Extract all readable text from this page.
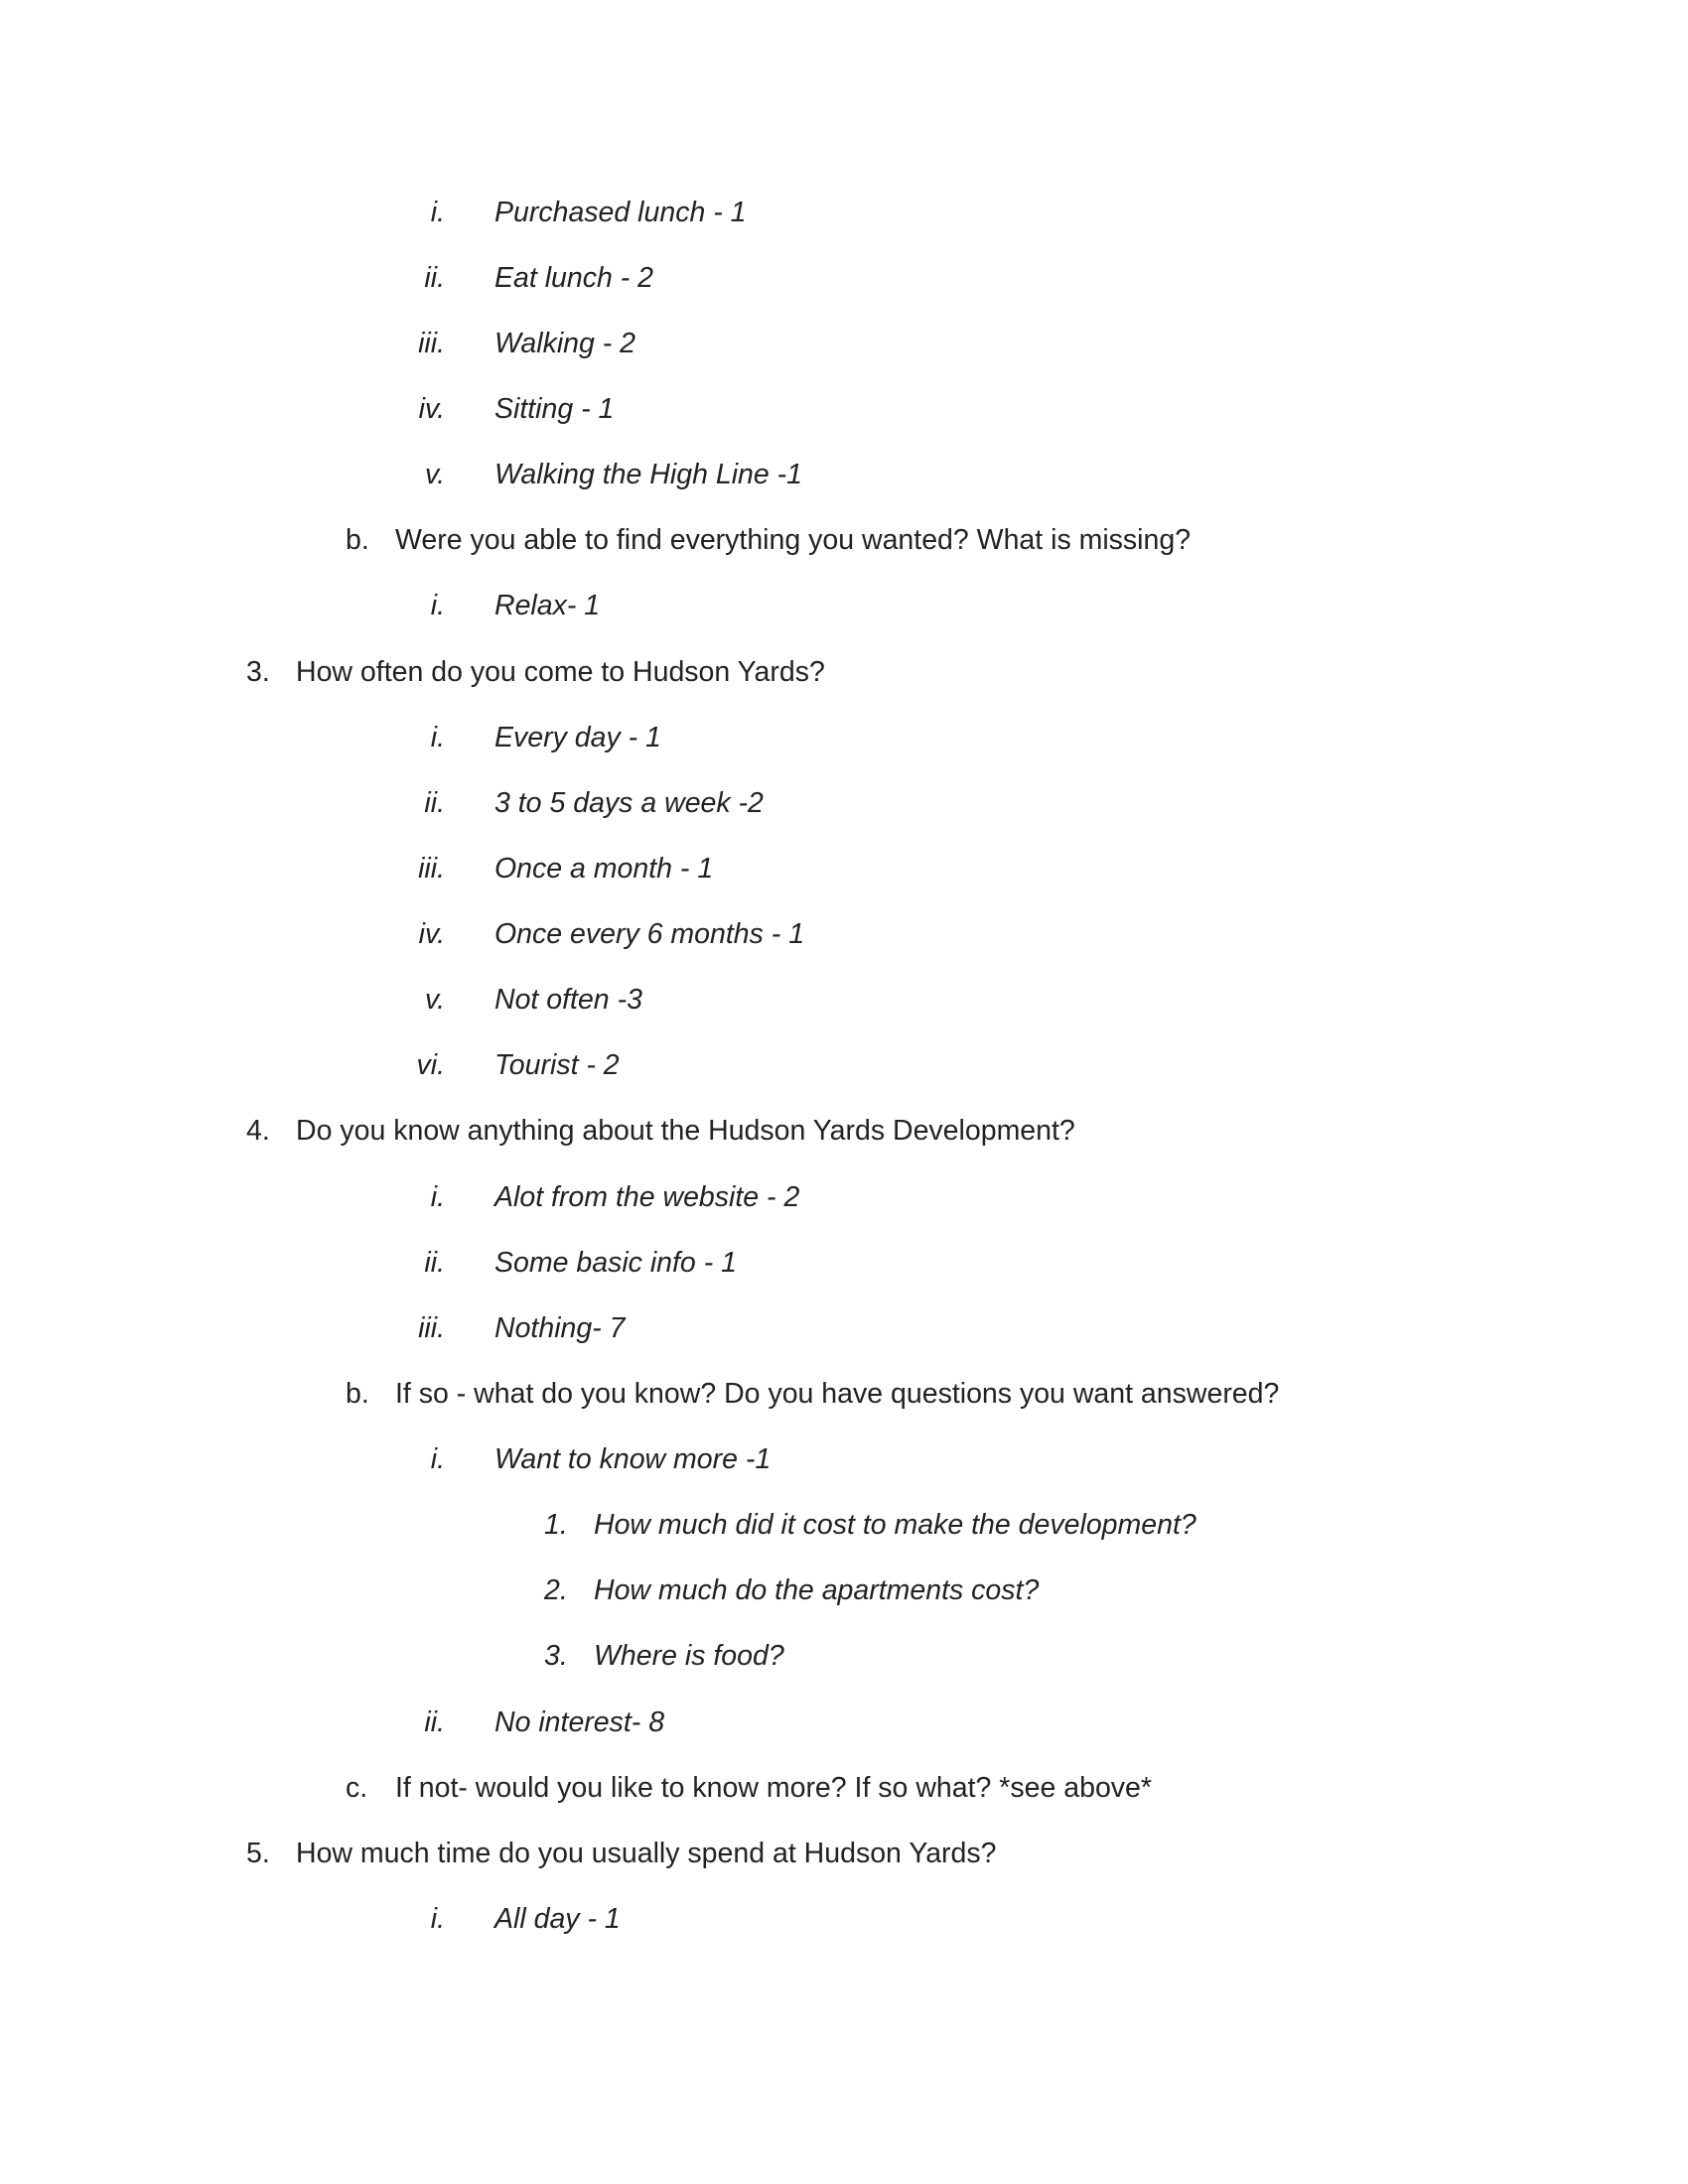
i. Purchased lunch - 1
ii. Eat lunch - 2
iii. Walking - 2
iv. Sitting - 1
v. Walking the High Line -1
b. Were you able to find everything you wanted? What is missing?
i. Relax- 1
3. How often do you come to Hudson Yards?
i. Every day - 1
ii. 3 to 5 days a week -2
iii. Once a month - 1
iv. Once every 6 months - 1
v. Not often -3
vi. Tourist - 2
4. Do you know anything about the Hudson Yards Development?
i. Alot from the website - 2
ii. Some basic info - 1
iii. Nothing- 7
b. If so - what do you know? Do you have questions you want answered?
i. Want to know more -1
1. How much did it cost to make the development?
2. How much do the apartments cost?
3. Where is food?
ii. No interest- 8
c. If not- would you like to know more? If so what? *see above*
5. How much time do you usually spend at Hudson Yards?
i. All day - 1
